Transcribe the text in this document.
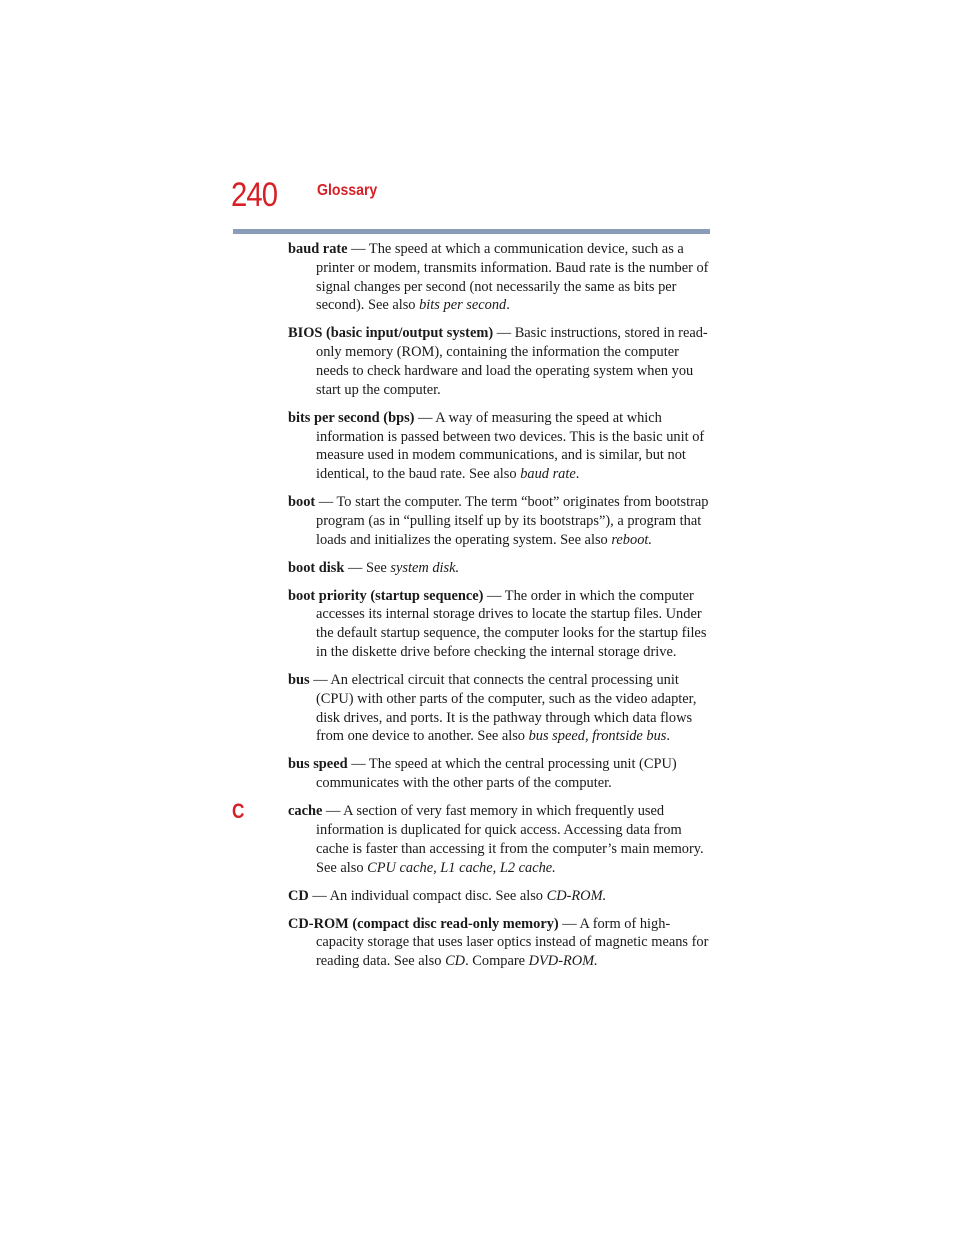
240 Glossary
C

baud rate — The speed at which a communication device, such as a printer or modem, transmits information. Baud rate is the number of signal changes per second (not necessarily the same as bits per second). See also bits per second.

BIOS (basic input/output system) — Basic instructions, stored in read-only memory (ROM), containing the information the computer needs to check hardware and load the operating system when you start up the computer.

bits per second (bps) — A way of measuring the speed at which information is passed between two devices. This is the basic unit of measure used in modem communications, and is similar, but not identical, to the baud rate. See also baud rate.

boot — To start the computer. The term “boot” originates from bootstrap program (as in “pulling itself up by its bootstraps”), a program that loads and initializes the operating system. See also reboot.

boot disk — See system disk.

boot priority (startup sequence) — The order in which the computer accesses its internal storage drives to locate the startup files. Under the default startup sequence, the computer looks for the startup files in the diskette drive before checking the internal storage drive.

bus — An electrical circuit that connects the central processing unit (CPU) with other parts of the computer, such as the video adapter, disk drives, and ports. It is the pathway through which data flows from one device to another. See also bus speed, frontside bus.

bus speed — The speed at which the central processing unit (CPU) communicates with the other parts of the computer.

cache — A section of very fast memory in which frequently used information is duplicated for quick access. Accessing data from cache is faster than accessing it from the computer’s main memory. See also CPU cache, L1 cache, L2 cache.

CD — An individual compact disc. See also CD-ROM.

CD-ROM (compact disc read-only memory) — A form of high-capacity storage that uses laser optics instead of magnetic means for reading data. See also CD. Compare DVD-ROM.
